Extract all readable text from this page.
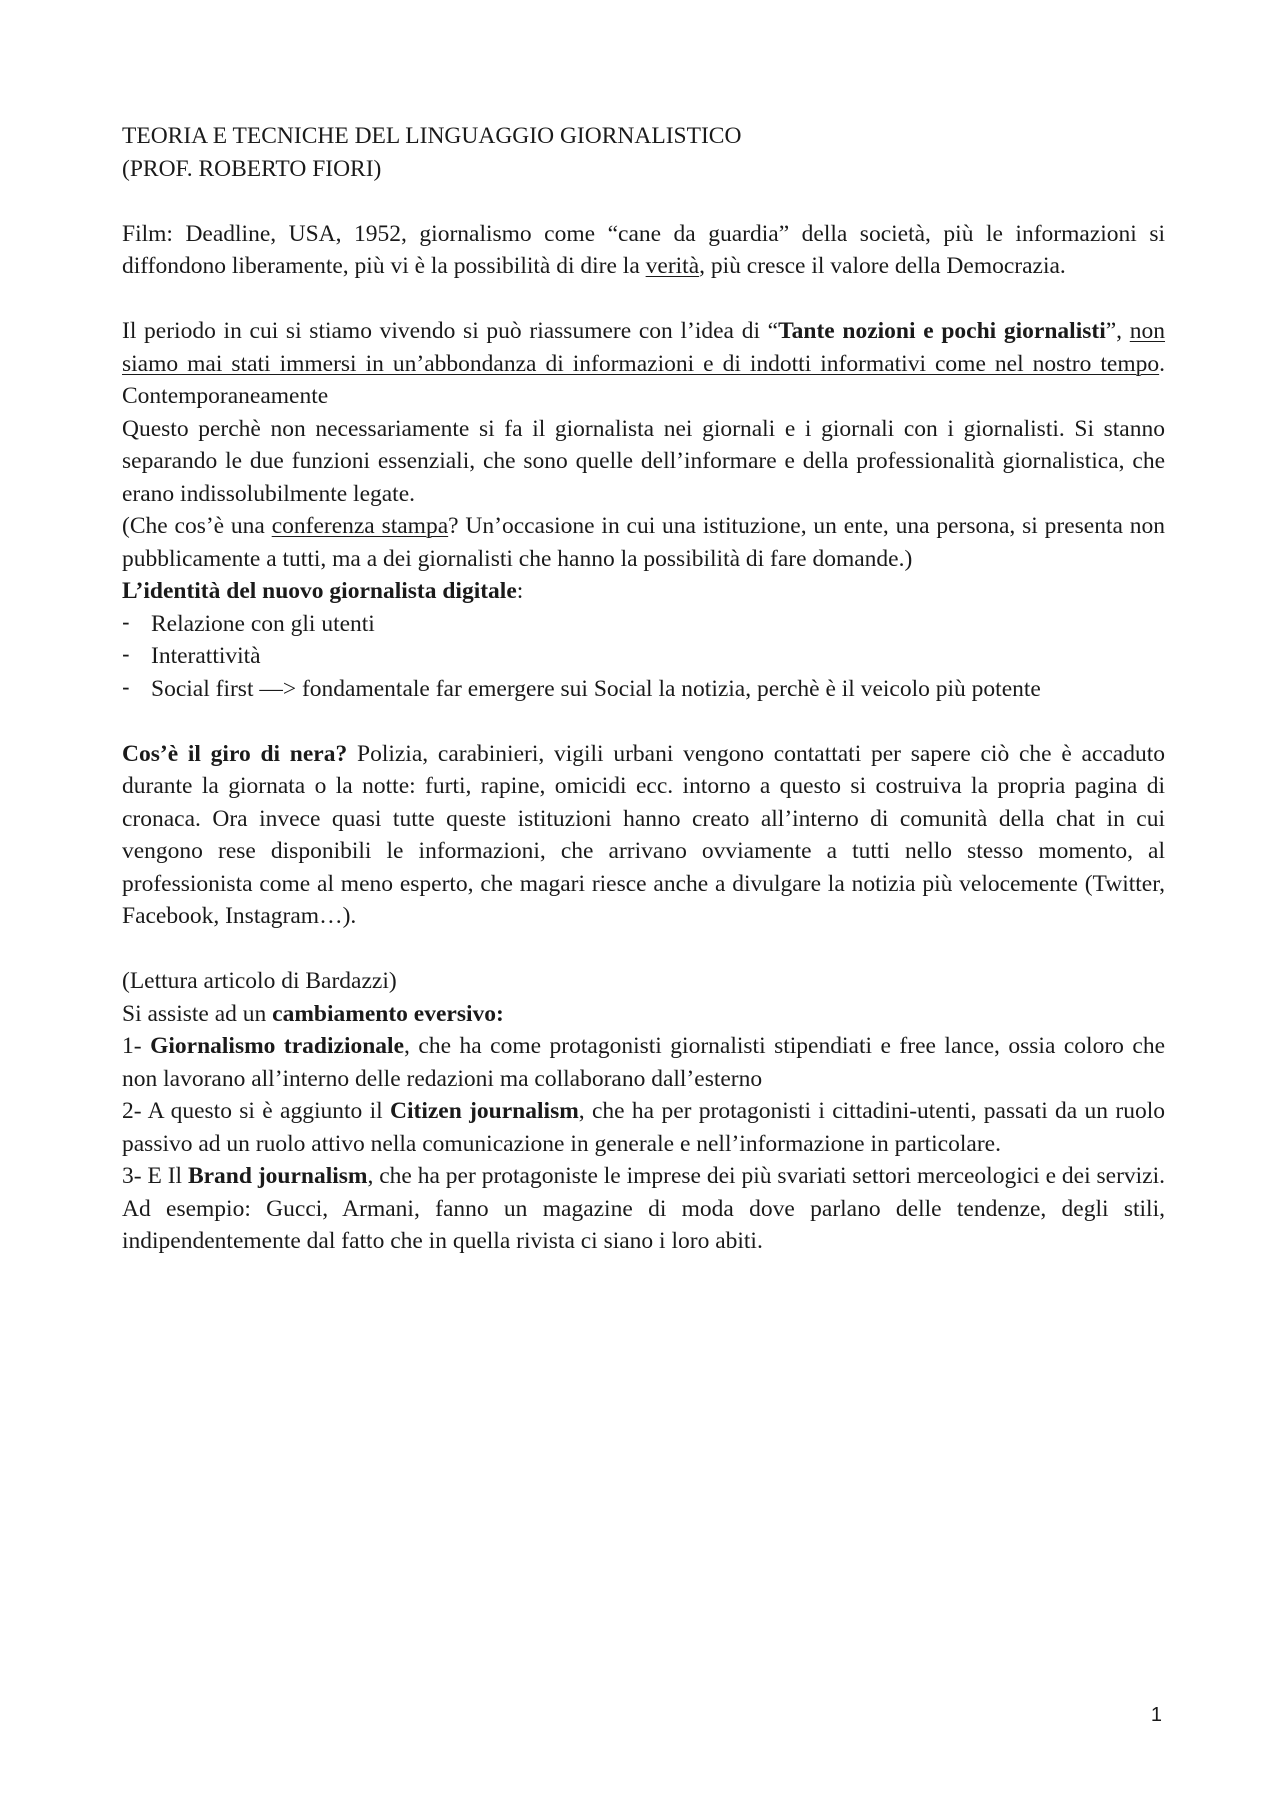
TEORIA E TECNICHE DEL LINGUAGGIO GIORNALISTICO

(PROF. ROBERTO FIORI)

Film: Deadline, USA, 1952, giornalismo come “cane da guardia” della società, più le informazioni si diffondono liberamente, più vi è la possibilità di dire la verità, più cresce il valore della Democrazia.

Il periodo in cui si stiamo vivendo si può riassumere con l’idea di “Tante nozioni e pochi giornalisti”, non siamo mai stati immersi in un’abbondanza di informazioni e di indotti informativi come nel nostro tempo. Contemporaneamente

Questo perchè non necessariamente si fa il giornalista nei giornali e i giornali con i giornalisti. Si stanno separando le due funzioni essenziali, che sono quelle dell’informare e della professionalità giornalistica, che erano indissolubilmente legate.

(Che cos’è una conferenza stampa? Un’occasione in cui una istituzione, un ente, una persona, si presenta non pubblicamente a tutti, ma a dei giornalisti che hanno la possibilità di fare domande.)

L’identità del nuovo giornalista digitale:

- Relazione con gli utenti
- Interattività
- Social first —> fondamentale far emergere sui Social la notizia, perchè è il veicolo più potente

Cos’è il giro di nera? Polizia, carabinieri, vigili urbani vengono contattati per sapere ciò che è accaduto durante la giornata o la notte: furti, rapine, omicidi ecc. intorno a questo si costruiva la propria pagina di cronaca. Ora invece quasi tutte queste istituzioni hanno creato all’interno di comunità della chat in cui vengono rese disponibili le informazioni, che arrivano ovviamente a tutti nello stesso momento, al professionista come al meno esperto, che magari riesce anche a divulgare la notizia più velocemente (Twitter, Facebook, Instagram…).

(Lettura articolo di Bardazzi)

Si assiste ad un cambiamento eversivo:

1- Giornalismo tradizionale, che ha come protagonisti giornalisti stipendiati e free lance, ossia coloro che non lavorano all’interno delle redazioni ma collaborano dall’esterno

2- A questo si è aggiunto il Citizen journalism, che ha per protagonisti i cittadini-utenti, passati da un ruolo passivo ad un ruolo attivo nella comunicazione in generale e nell’informazione in particolare.

3- E Il Brand journalism, che ha per protagoniste le imprese dei più svariati settori merceologici e dei servizi. Ad esempio: Gucci, Armani, fanno un magazine di moda dove parlano delle tendenze, degli stili, indipendentemente dal fatto che in quella rivista ci siano i loro abiti.

1
